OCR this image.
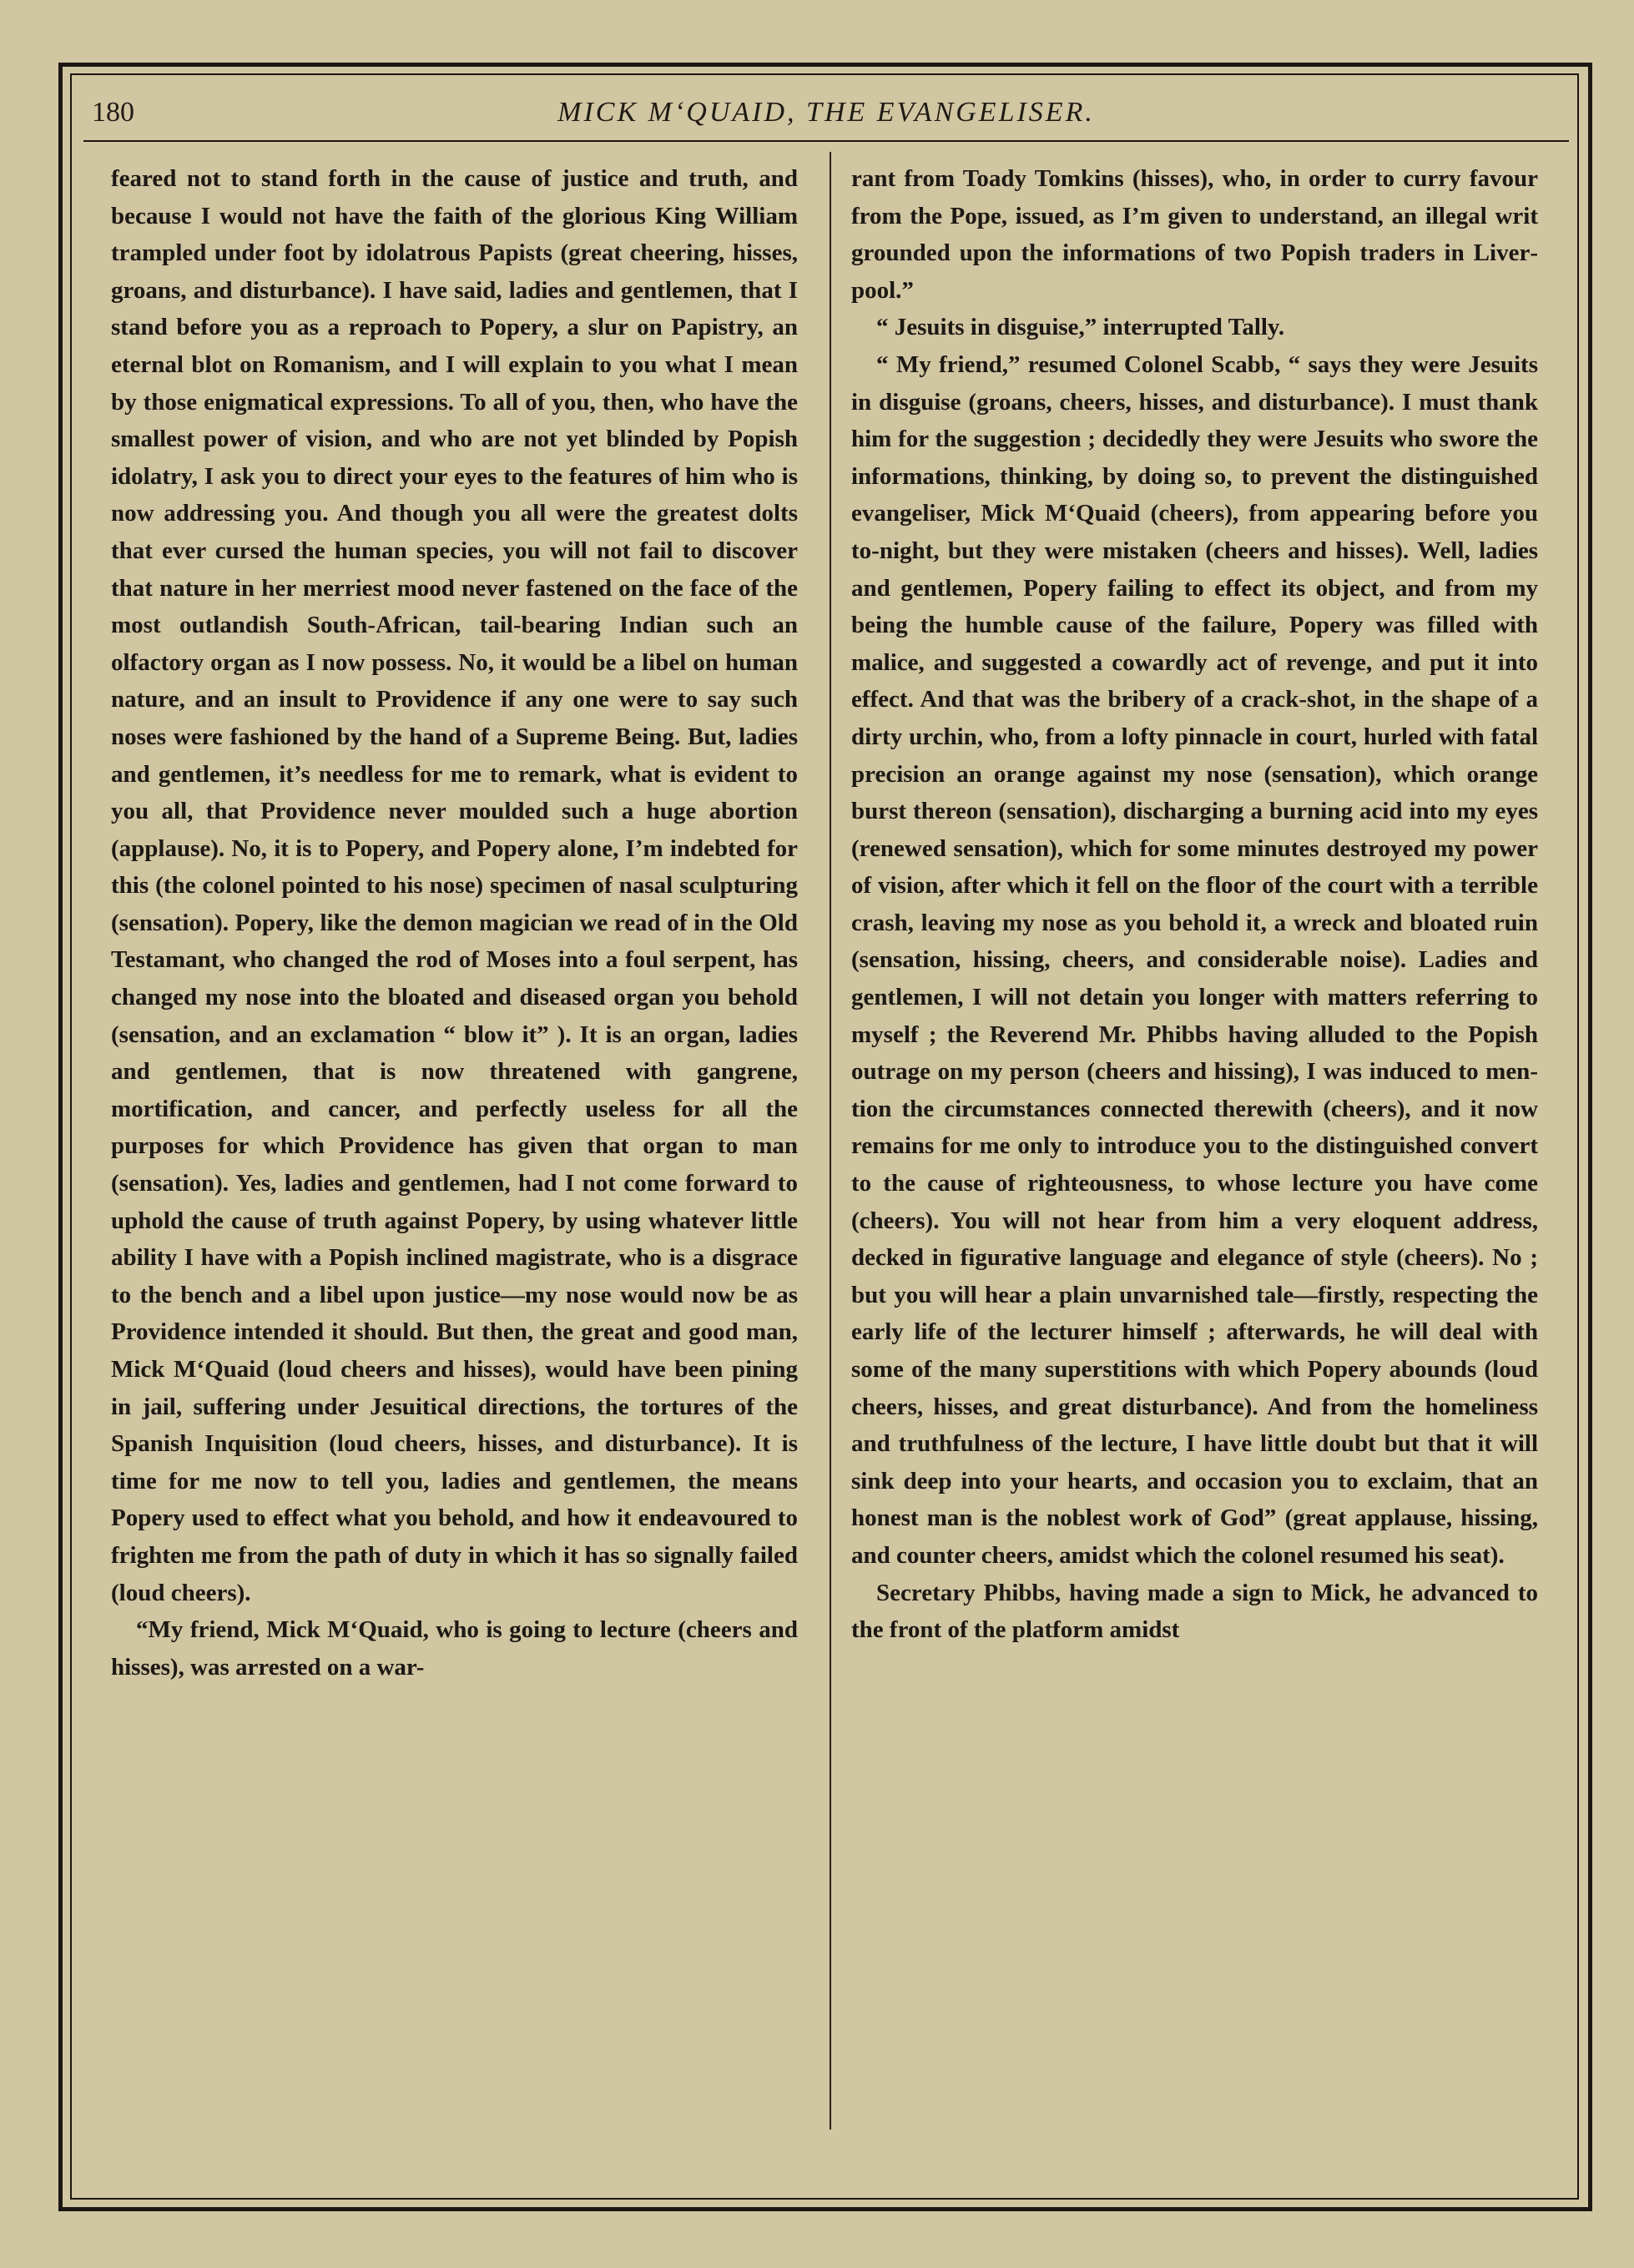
180	MICK M‘QUAID, THE EVANGELISER.

feared not to stand forth in the cause of justice and truth, and because I would not have the faith of the glorious King William trampled under foot by idolatrous Papists (great cheering, hisses, groans, and disturbance). I have said, ladies and gentlemen, that I stand before you as a reproach to Popery, a slur on Papistry, an eternal blot on Romanism, and I will explain to you what I mean by those enigmatical expressions. To all of you, then, who have the smallest power of vision, and who are not yet blinded by Popish idolatry, I ask you to direct your eyes to the features of him who is now addressing you. And though you all were the greatest dolts that ever cursed the human species, you will not fail to discover that nature in her merriest mood never fastened on the face of the most outlandish South-African, tail-bearing Indian such an olfactory organ as I now possess. No, it would be a libel on human nature, and an insult to Providence if any one were to say such noses were fashioned by the hand of a Supreme Being. But, ladies and gentlemen, it’s needless for me to remark, what is evident to you all, that Providence never moulded such a huge abortion (applause). No, it is to Popery, and Popery alone, I’m indebted for this (the colonel pointed to his nose) specimen of nasal sculpturing (sensation). Popery, like the demon magician we read of in the Old Testamant, who changed the rod of Moses into a foul serpent, has changed my nose into the bloated and diseased organ you behold (sensation, and an exclamation “ blow it” ). It is an organ, ladies and gentlemen, that is now threatened with gangrene, mortification, and cancer, and perfectly useless for all the purposes for which Providence has given that organ to man (sensation). Yes, ladies and gentlemen, had I not come forward to uphold the cause of truth against Popery, by using whatever little ability I have with a Popish inclined magistrate, who is a disgrace to the bench and a libel upon justice—my nose would now be as Providence intended it should. But then, the great and good man, Mick M‘Quaid (loud cheers and hisses), would have been pining in jail, suffering under Jesuitical directions, the tortures of the Spanish Inquisition (loud cheers, hisses, and disturbance). It is time for me now to tell you, ladies and gentlemen, the means Popery used to effect what you behold, and how it endeavoured to frighten me from the path of duty in which it has so signally failed (loud cheers).

“My friend, Mick M‘Quaid, who is going to lecture (cheers and hisses), was arrested on a war-

rant from Toady Tomkins (hisses), who, in order to curry favour from the Pope, issued, as I’m given to understand, an illegal writ grounded upon the informations of two Popish traders in Liverpool.”

“ Jesuits in disguise,” interrupted Tally.

“ My friend,” resumed Colonel Scabb, “ says they were Jesuits in disguise (groans, cheers, hisses, and disturbance). I must thank him for the suggestion ; decidedly they were Jesuits who swore the informations, thinking, by doing so, to prevent the distinguished evangeliser, Mick M‘Quaid (cheers), from appearing before you to-night, but they were mistaken (cheers and hisses). Well, ladies and gentlemen, Popery failing to effect its object, and from my being the humble cause of the failure, Popery was filled with malice, and suggested a cowardly act of revenge, and put it into effect. And that was the bribery of a crack-shot, in the shape of a dirty urchin, who, from a lofty pinnacle in court, hurled with fatal precision an orange against my nose (sensation), which orange burst thereon (sensation), discharging a burning acid into my eyes (renewed sensation), which for some minutes destroyed my power of vision, after which it fell on the floor of the court with a terrible crash, leaving my nose as you behold it, a wreck and bloated ruin (sensation, hissing, cheers, and considerable noise). Ladies and gentlemen, I will not detain you longer with matters referring to myself ; the Reverend Mr. Phibbs having alluded to the Popish outrage on my person (cheers and hissing), I was induced to mention the circumstances connected therewith (cheers), and it now remains for me only to introduce you to the distinguished convert to the cause of righteousness, to whose lecture you have come (cheers). You will not hear from him a very eloquent address, decked in figurative language and elegance of style (cheers). No ; but you will hear a plain unvarnished tale—firstly, respecting the early life of the lecturer himself ; afterwards, he will deal with some of the many superstitions with which Popery abounds (loud cheers, hisses, and great disturbance). And from the homeliness and truthfulness of the lecture, I have little doubt but that it will sink deep into your hearts, and occasion you to exclaim, that an honest man is the noblest work of God” (great applause, hissing, and counter cheers, amidst which the colonel resumed his seat).

Secretary Phibbs, having made a sign to Mick, he advanced to the front of the platform amidst
